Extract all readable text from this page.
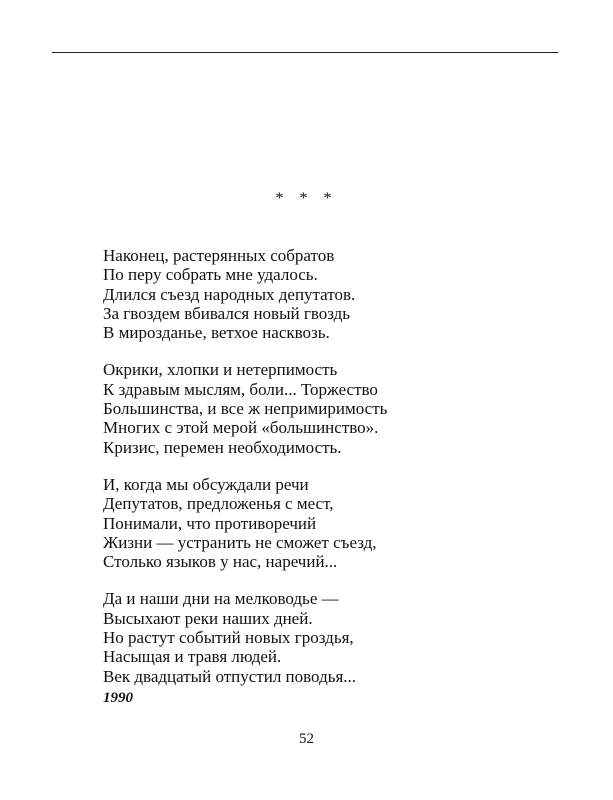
* * *
Наконец, растерянных собратов
По перу собрать мне удалось.
Длился съезд народных депутатов.
За гвоздем вбивался новый гвоздь
В мирозданье, ветхое насквозь.
Окрики, хлопки и нетерпимость
К здравым мыслям, боли... Торжество
Большинства, и все ж непримиримость
Многих с этой мерой «большинство».
Кризис, перемен необходимость.
И, когда мы обсуждали речи
Депутатов, предложенья с мест,
Понимали, что противоречий
Жизни — устранить не сможет съезд,
Столько языков у нас, наречий...
Да и наши дни на мелководье —
Высыхают реки наших дней.
Но растут событий новых гроздья,
Насыщая и травя людей.
Век двадцатый отпустил поводья...
1990
52
